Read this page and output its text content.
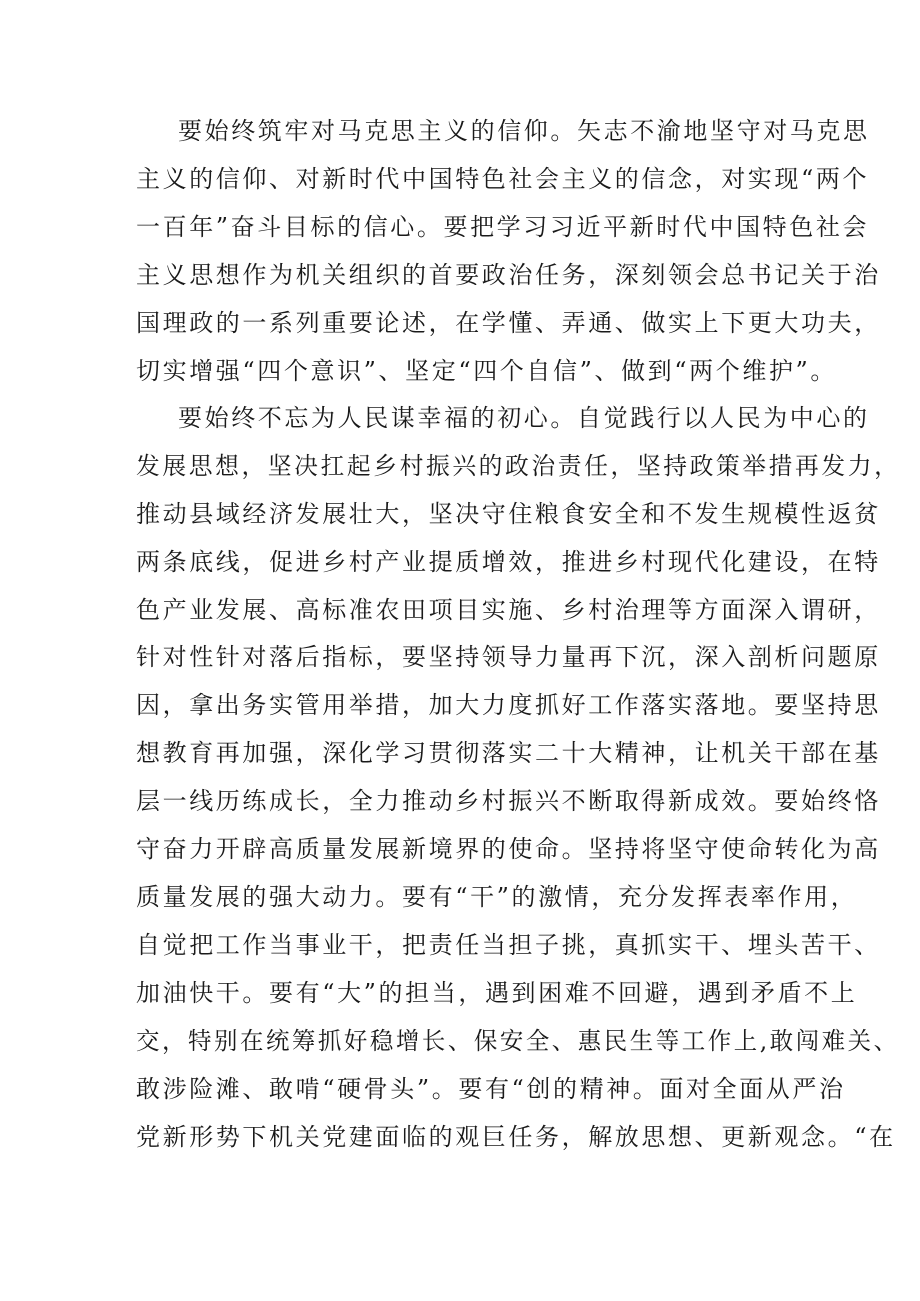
要始终筑牢对马克思主义的信仰。矢志不渝地坚守对马克思
主义的信仰、对新时代中国特色社会主义的信念，对实现“两个
一百年”奋斗目标的信心。要把学习习近平新时代中国特色社会
主义思想作为机关组织的首要政治任务，深刻领会总书记关于治
国理政的一系列重要论述，在学懂、弄通、做实上下更大功夫，
切实增强“四个意识”、坚定“四个自信”、做到“两个维护”。
要始终不忘为人民谋幸福的初心。自觉践行以人民为中心的
发展思想，坚决扛起乡村振兴的政治责任，坚持政策举措再发力，
推动县域经济发展壮大，坚决守住粮食安全和不发生规模性返贫
两条底线，促进乡村产业提质增效，推进乡村现代化建设，在特
色产业发展、高标准农田项目实施、乡村治理等方面深入谓研，
针对性针对落后指标，要坚持领导力量再下沉，深入剖析问题原
因，拿出务实管用举措，加大力度抓好工作落实落地。要坚持思
想教育再加强，深化学习贯彻落实二十大精神，让机关干部在基
层一线历练成长，全力推动乡村振兴不断取得新成效。要始终恪
守奋力开辟高质量发展新境界的使命。坚持将坚守使命转化为高
质量发展的强大动力。要有“干”的激情，充分发挥表率作用，
自觉把工作当事业干，把责任当担子挑，真抓实干、埋头苦干、
加油快干。要有“大”的担当，遇到困难不回避，遇到矛盾不上
交，特别在统筹抓好稳增长、保安全、惠民生等工作上,敢闯难关、
敢涉险滩、敢啃“硬骨头”。要有“创的精神。面对全面从严治
党新形势下机关党建面临的观巨任务，解放思想、更新观念。“在
